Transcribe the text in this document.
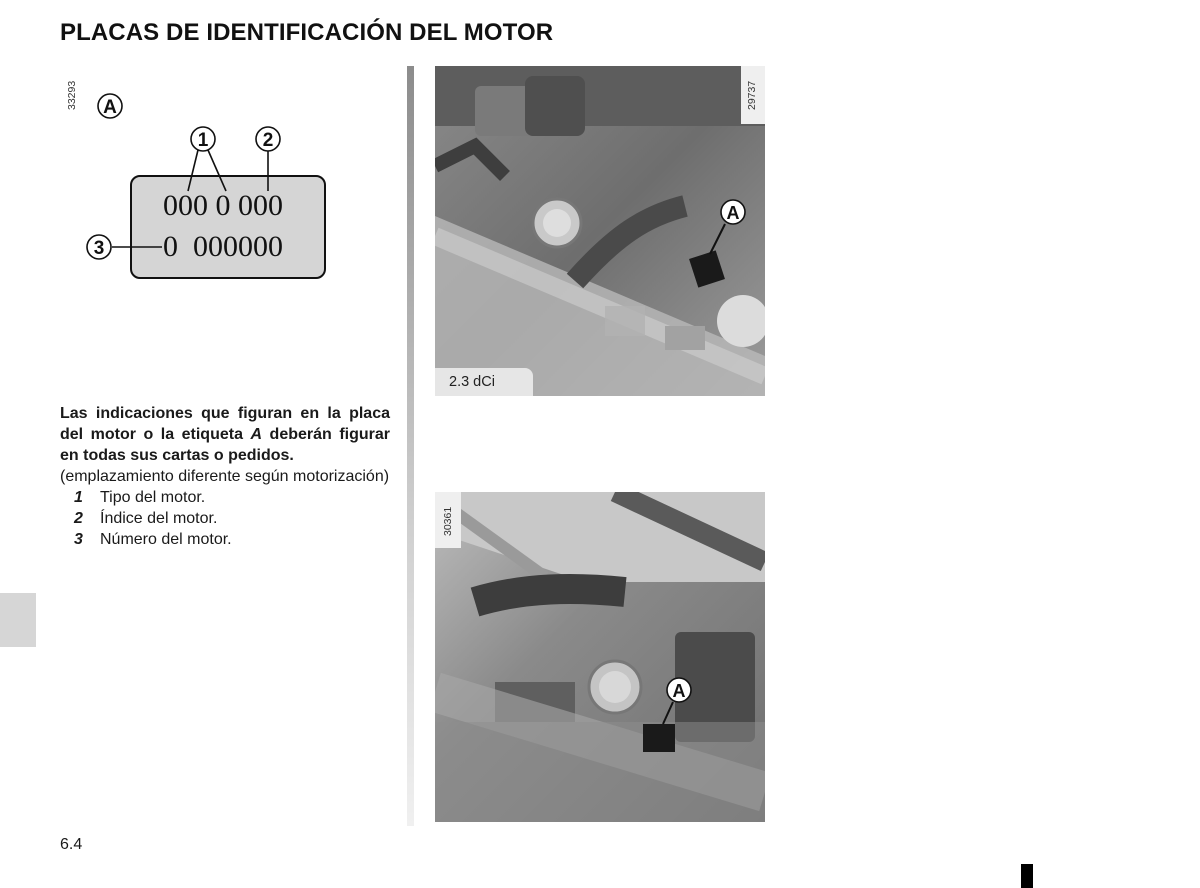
PLACAS DE IDENTIFICACIÓN DEL MOTOR
33293 A
1	2
3
000 0 000
0  000000
Las indicaciones que figuran en la placa del motor o la etiqueta A deberán figurar en todas sus cartas o pedidos.
(emplazamiento diferente según motorización)
1	Tipo del motor.
2	Índice del motor.
3	Número del motor.
A
29737
2.3 dCi
A
30361
6.4
